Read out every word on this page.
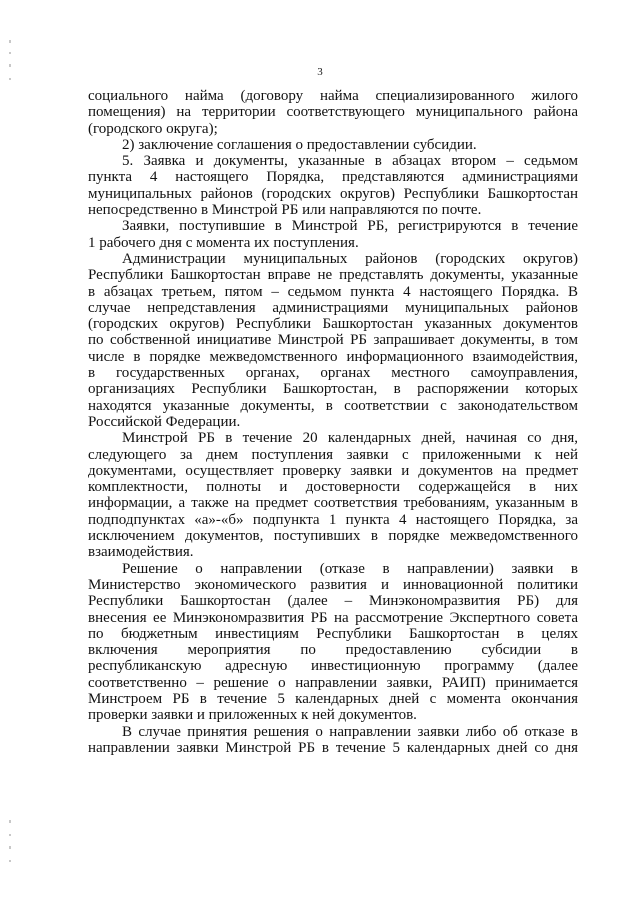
3
социального найма (договору найма специализированного жилого
помещения) на территории соответствующего муниципального района
(городского округа);
2) заключение соглашения о предоставлении субсидии.
5. Заявка и документы, указанные в абзацах втором – седьмом
пункта 4 настоящего Порядка, представляются администрациями
муниципальных районов (городских округов) Республики Башкортостан
непосредственно в Минстрой РБ или направляются по почте.
Заявки, поступившие в Минстрой РБ, регистрируются в течение
1 рабочего дня с момента их поступления.
Администрации муниципальных районов (городских округов)
Республики Башкортостан вправе не представлять документы, указанные
в абзацах третьем, пятом – седьмом пункта 4 настоящего Порядка. В
случае непредставления администрациями муниципальных районов
(городских округов) Республики Башкортостан указанных документов
по собственной инициативе Минстрой РБ запрашивает документы, в том
числе в порядке межведомственного информационного взаимодействия,
в государственных органах, органах местного самоуправления,
организациях Республики Башкортостан, в распоряжении которых
находятся указанные документы, в соответствии с законодательством
Российской Федерации.
Минстрой РБ в течение 20 календарных дней, начиная со дня,
следующего за днем поступления заявки с приложенными к ней
документами, осуществляет проверку заявки и документов на предмет
комплектности, полноты и достоверности содержащейся в них
информации, а также на предмет соответствия требованиям, указанным в
подподпунктах «а»-«б» подпункта 1 пункта 4 настоящего Порядка, за
исключением документов, поступивших в порядке межведомственного
взаимодействия.
Решение о направлении (отказе в направлении) заявки в
Министерство экономического развития и инновационной политики
Республики Башкортостан (далее – Минэкономразвития РБ) для
внесения ее Минэкономразвития РБ на рассмотрение Экспертного совета
по бюджетным инвестициям Республики Башкортостан в целях
включения мероприятия по предоставлению субсидии в
республиканскую адресную инвестиционную программу (далее
соответственно – решение о направлении заявки, РАИП) принимается
Минстроем РБ в течение 5 календарных дней с момента окончания
проверки заявки и приложенных к ней документов.
В случае принятия решения о направлении заявки либо об отказе в
направлении заявки Минстрой РБ в течение 5 календарных дней со дня
